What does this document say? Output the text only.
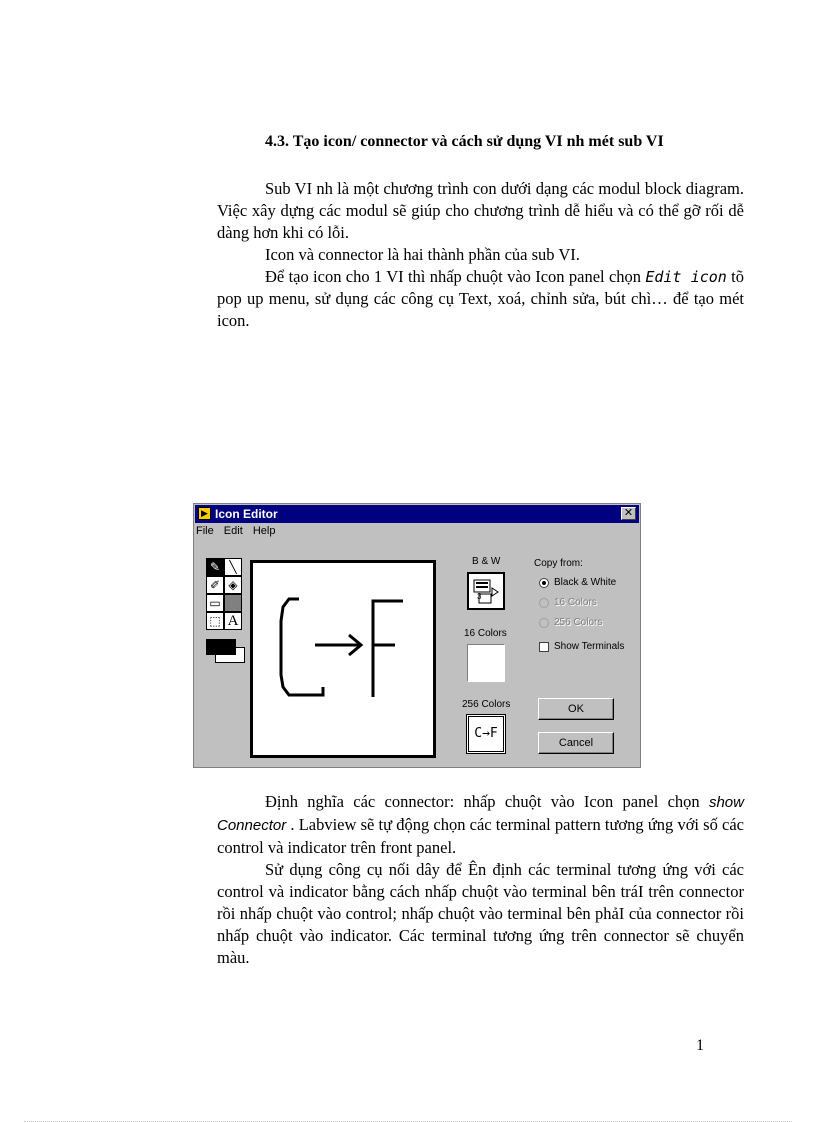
4.3. Tạo icon/ connector và cách sử dụng VI nh mét sub VI

Sub VI nh là một chương trình con dưới dạng các modul block diagram. Việc xây dựng các modul sẽ giúp cho chương trình dễ hiểu và có thể gỡ rối dễ dàng hơn khi có lỗi.

Icon và connector là hai thành phần của sub VI.

Để tạo icon cho 1 VI thì nhấp chuột vào Icon panel chọn Edit icon tõ pop up menu, sử dụng các công cụ Text, xoá, chỉnh sửa, bút chì… để tạo mét icon.

▶ Icon Editor	✕
File Edit Help
✎ ╲
✐ ◈
▭ ▬
⬚ A
B & W
3
16 Colors
256 Colors
C→F
Copy from:
Black & White
16 Colors
256 Colors
Show Terminals
OK
Cancel

Định nghĩa các connector: nhấp chuột vào Icon panel chọn show Connector . Labview sẽ tự động chọn các terminal pattern tương ứng với số các control và indicator trên front panel.

Sử dụng công cụ nối dây để Ên định các terminal tương ứng với các control và indicator bằng cách nhấp chuột vào terminal bên tráI trên connector rồi nhấp chuột vào control; nhấp chuột vào terminal bên phảI của connector rồi nhấp chuột vào indicator. Các terminal tương ứng trên connector sẽ chuyển màu.

1
